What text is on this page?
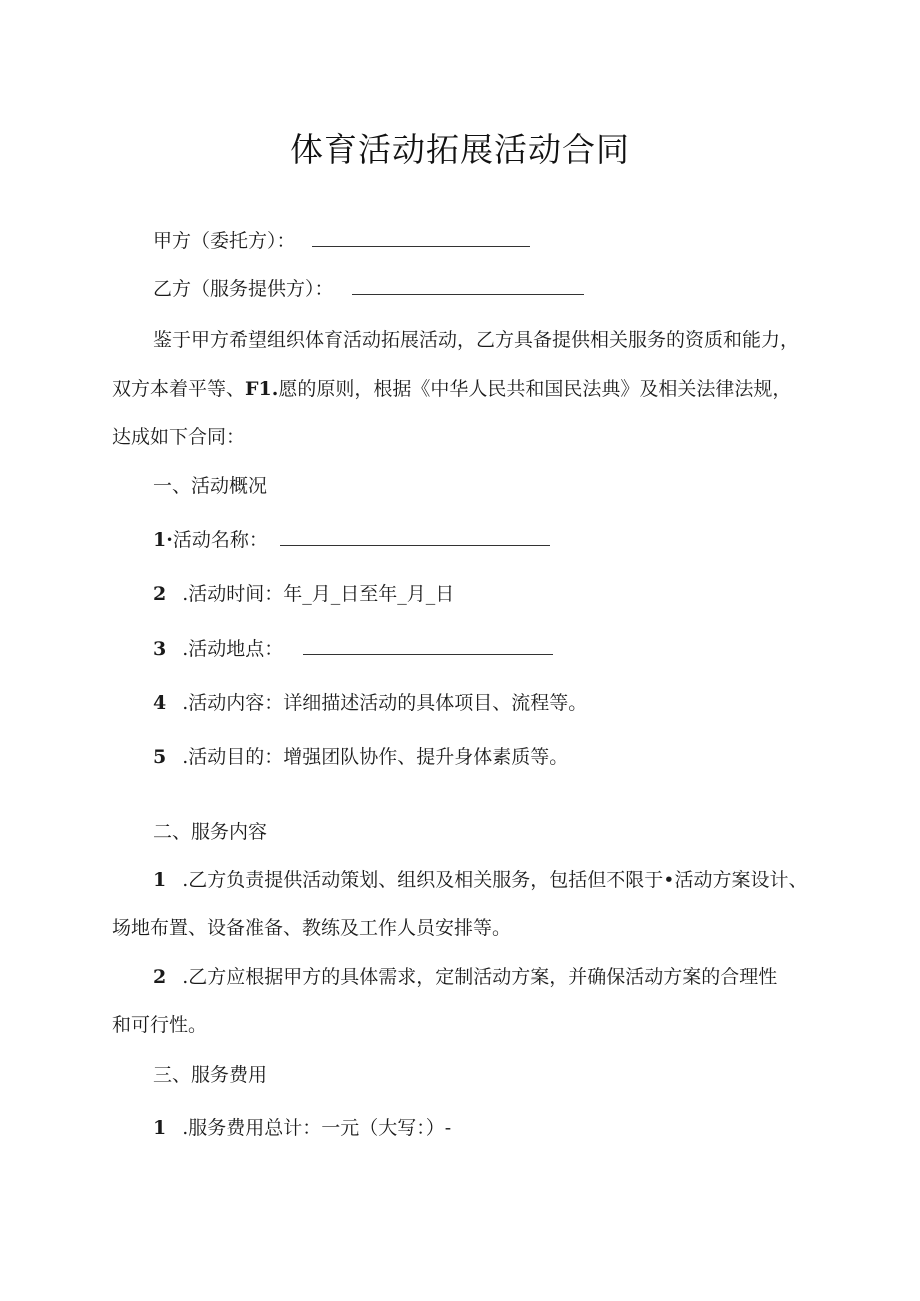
体育活动拓展活动合同
甲方（委托方）：
乙方（服务提供方）：
鉴于甲方希望组织体育活动拓展活动，乙方具备提供相关服务的资质和能力，
双方本着平等、F1.愿的原则，根据《中华人民共和国民法典》及相关法律法规，
达成如下合同：
一、活动概况
1·活动名称：
2 .活动时间：年_月_日至年_月_日
3 .活动地点：
4 .活动内容：详细描述活动的具体项目、流程等。
5 .活动目的：增强团队协作、提升身体素质等。
二、服务内容
1 .乙方负责提供活动策划、组织及相关服务，包括但不限于•活动方案设计、
场地布置、设备准备、教练及工作人员安排等。
2 .乙方应根据甲方的具体需求，定制活动方案，并确保活动方案的合理性
和可行性。
三、服务费用
1 .服务费用总计：一元（大写：）-
